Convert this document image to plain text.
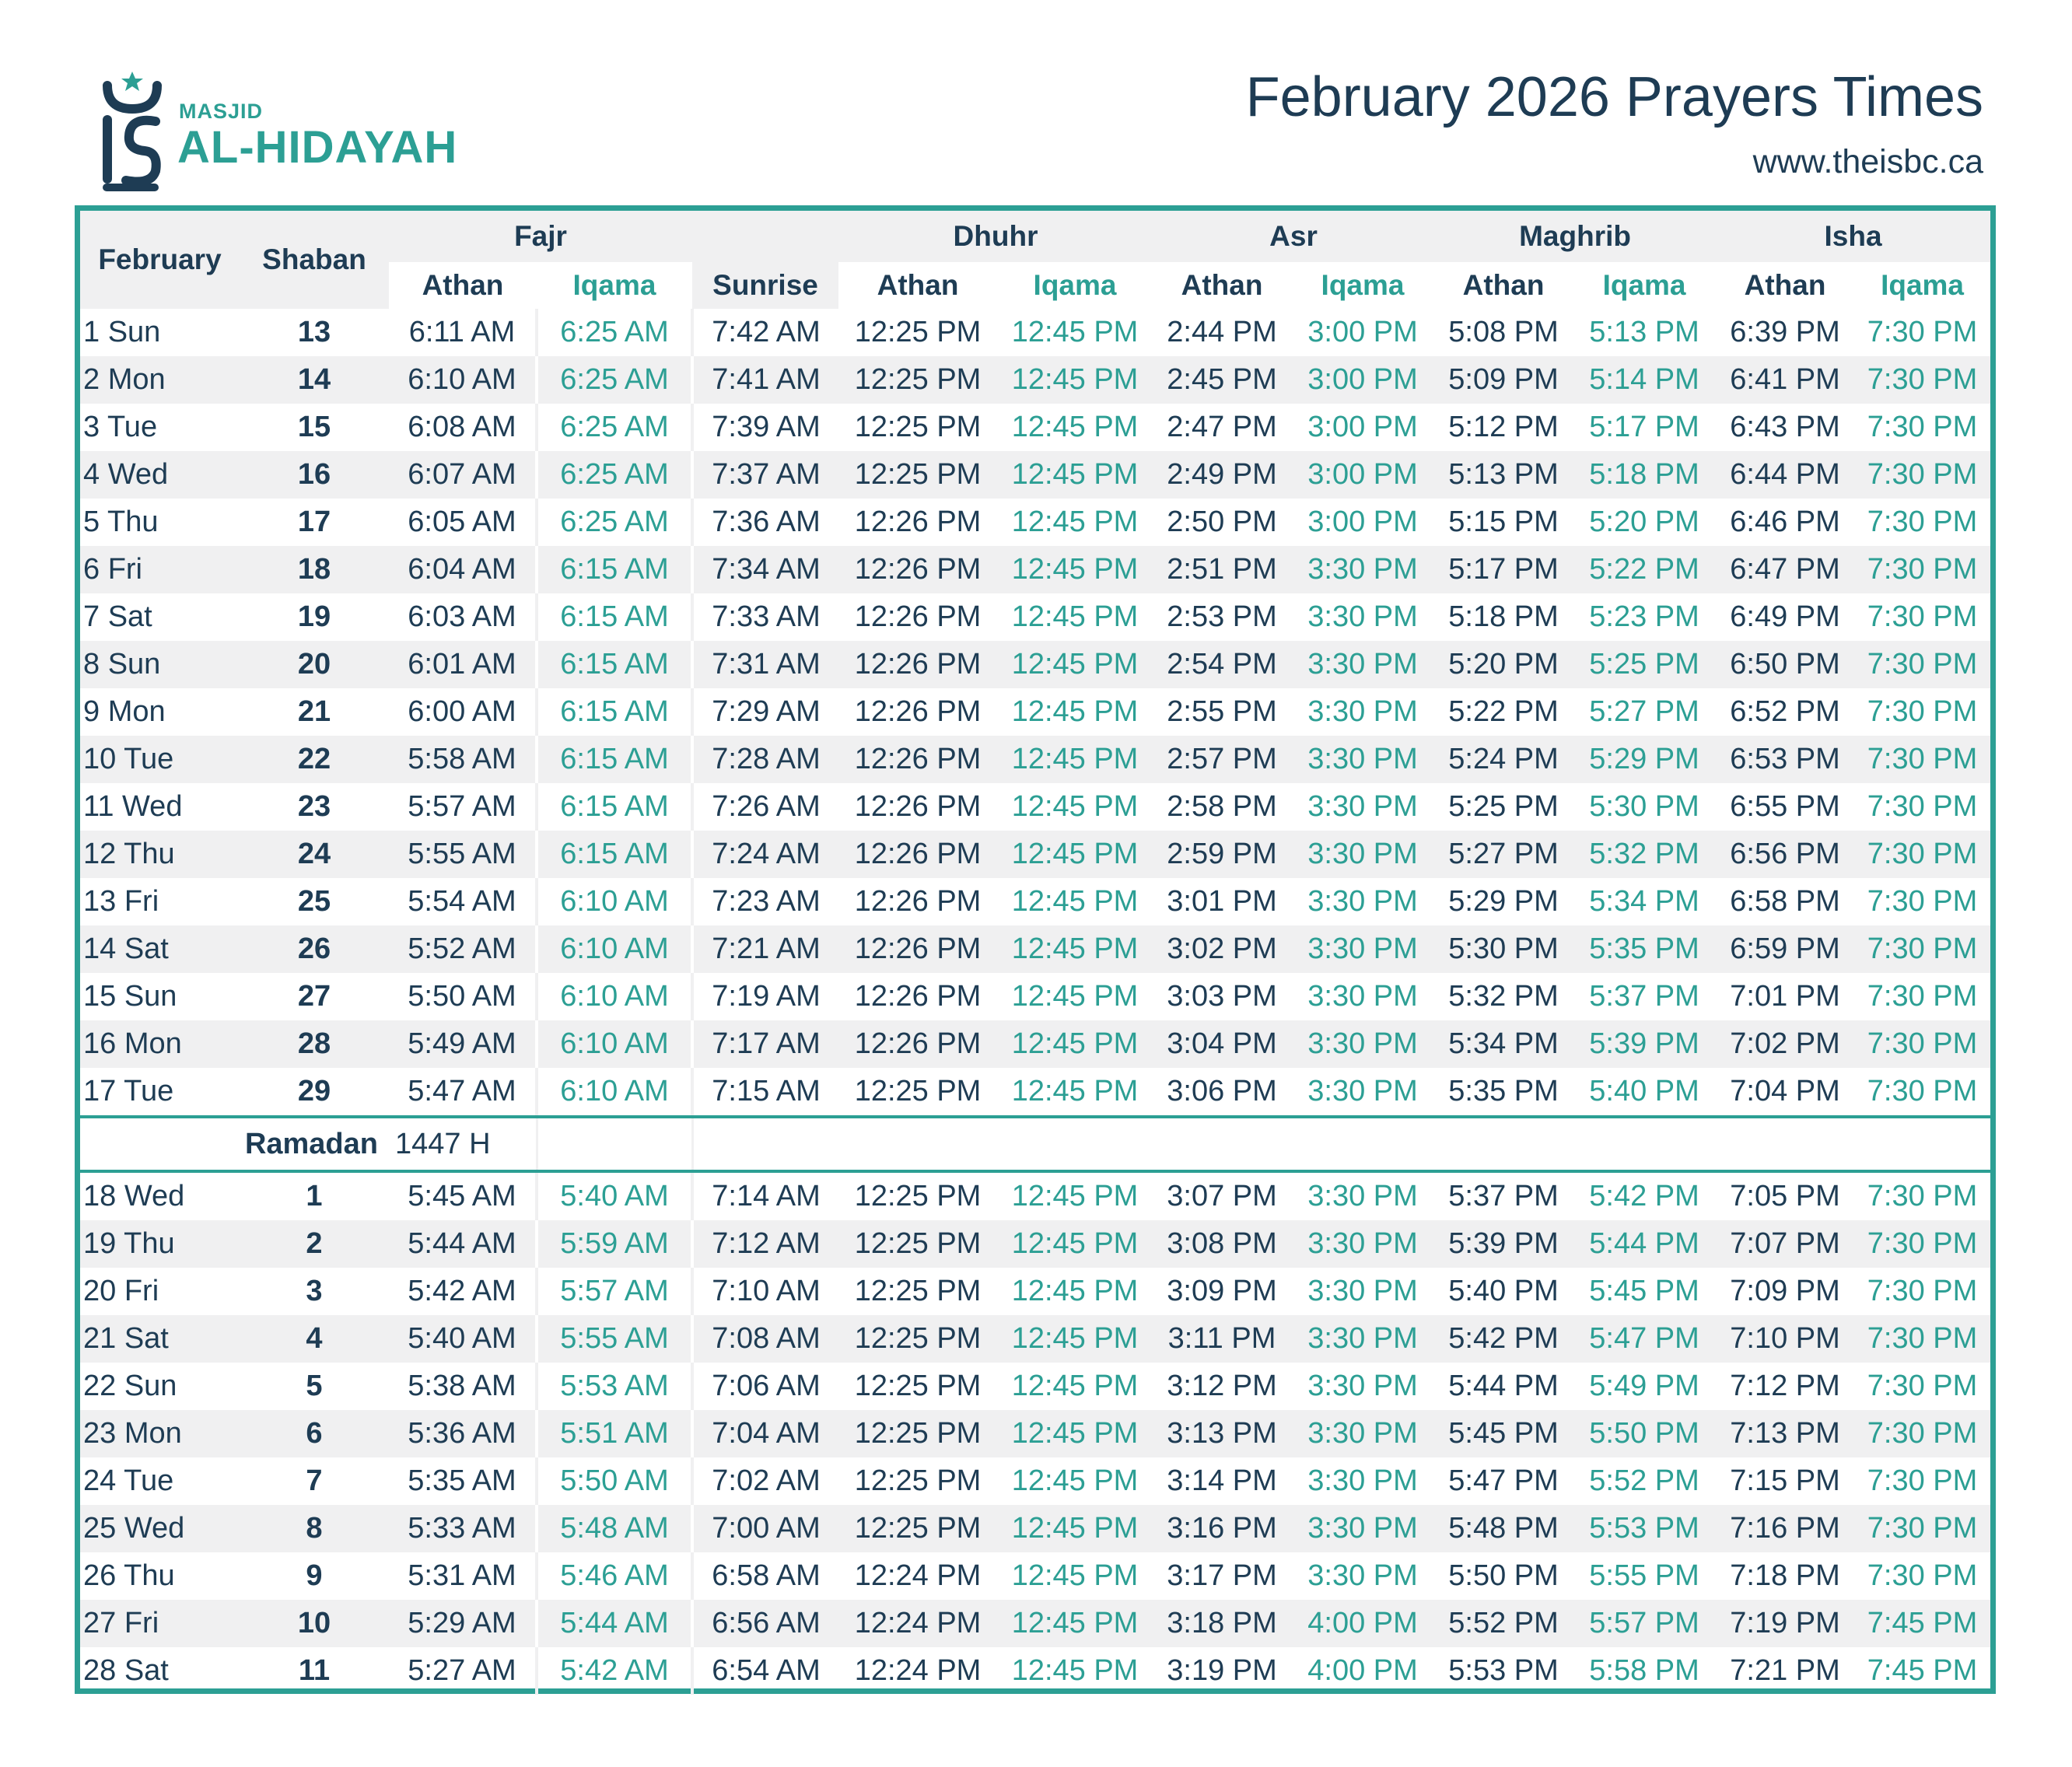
MASJID
AL-HIDAYAH
February 2026 Prayers Times
www.theisbc.ca
February	Shaban	Fajr			Dhuhr		Asr		Maghrib		Isha	
		Athan	Iqama	Sunrise	Athan	Iqama	Athan	Iqama	Athan	Iqama	Athan	Iqama
1 Sun	13	6:11 AM	6:25 AM	7:42 AM	12:25 PM	12:45 PM	2:44 PM	3:00 PM	5:08 PM	5:13 PM	6:39 PM	7:30 PM
2 Mon	14	6:10 AM	6:25 AM	7:41 AM	12:25 PM	12:45 PM	2:45 PM	3:00 PM	5:09 PM	5:14 PM	6:41 PM	7:30 PM
3 Tue	15	6:08 AM	6:25 AM	7:39 AM	12:25 PM	12:45 PM	2:47 PM	3:00 PM	5:12 PM	5:17 PM	6:43 PM	7:30 PM
4 Wed	16	6:07 AM	6:25 AM	7:37 AM	12:25 PM	12:45 PM	2:49 PM	3:00 PM	5:13 PM	5:18 PM	6:44 PM	7:30 PM
5 Thu	17	6:05 AM	6:25 AM	7:36 AM	12:26 PM	12:45 PM	2:50 PM	3:00 PM	5:15 PM	5:20 PM	6:46 PM	7:30 PM
6 Fri	18	6:04 AM	6:15 AM	7:34 AM	12:26 PM	12:45 PM	2:51 PM	3:30 PM	5:17 PM	5:22 PM	6:47 PM	7:30 PM
7 Sat	19	6:03 AM	6:15 AM	7:33 AM	12:26 PM	12:45 PM	2:53 PM	3:30 PM	5:18 PM	5:23 PM	6:49 PM	7:30 PM
8 Sun	20	6:01 AM	6:15 AM	7:31 AM	12:26 PM	12:45 PM	2:54 PM	3:30 PM	5:20 PM	5:25 PM	6:50 PM	7:30 PM
9 Mon	21	6:00 AM	6:15 AM	7:29 AM	12:26 PM	12:45 PM	2:55 PM	3:30 PM	5:22 PM	5:27 PM	6:52 PM	7:30 PM
10 Tue	22	5:58 AM	6:15 AM	7:28 AM	12:26 PM	12:45 PM	2:57 PM	3:30 PM	5:24 PM	5:29 PM	6:53 PM	7:30 PM
11 Wed	23	5:57 AM	6:15 AM	7:26 AM	12:26 PM	12:45 PM	2:58 PM	3:30 PM	5:25 PM	5:30 PM	6:55 PM	7:30 PM
12 Thu	24	5:55 AM	6:15 AM	7:24 AM	12:26 PM	12:45 PM	2:59 PM	3:30 PM	5:27 PM	5:32 PM	6:56 PM	7:30 PM
13 Fri	25	5:54 AM	6:10 AM	7:23 AM	12:26 PM	12:45 PM	3:01 PM	3:30 PM	5:29 PM	5:34 PM	6:58 PM	7:30 PM
14 Sat	26	5:52 AM	6:10 AM	7:21 AM	12:26 PM	12:45 PM	3:02 PM	3:30 PM	5:30 PM	5:35 PM	6:59 PM	7:30 PM
15 Sun	27	5:50 AM	6:10 AM	7:19 AM	12:26 PM	12:45 PM	3:03 PM	3:30 PM	5:32 PM	5:37 PM	7:01 PM	7:30 PM
16 Mon	28	5:49 AM	6:10 AM	7:17 AM	12:26 PM	12:45 PM	3:04 PM	3:30 PM	5:34 PM	5:39 PM	7:02 PM	7:30 PM
17 Tue	29	5:47 AM	6:10 AM	7:15 AM	12:25 PM	12:45 PM	3:06 PM	3:30 PM	5:35 PM	5:40 PM	7:04 PM	7:30 PM

Ramadan		1447 H										

18 Wed	1	5:45 AM	5:40 AM	7:14 AM	12:25 PM	12:45 PM	3:07 PM	3:30 PM	5:37 PM	5:42 PM	7:05 PM	7:30 PM
19 Thu	2	5:44 AM	5:59 AM	7:12 AM	12:25 PM	12:45 PM	3:08 PM	3:30 PM	5:39 PM	5:44 PM	7:07 PM	7:30 PM
20 Fri	3	5:42 AM	5:57 AM	7:10 AM	12:25 PM	12:45 PM	3:09 PM	3:30 PM	5:40 PM	5:45 PM	7:09 PM	7:30 PM
21 Sat	4	5:40 AM	5:55 AM	7:08 AM	12:25 PM	12:45 PM	3:11 PM	3:30 PM	5:42 PM	5:47 PM	7:10 PM	7:30 PM
22 Sun	5	5:38 AM	5:53 AM	7:06 AM	12:25 PM	12:45 PM	3:12 PM	3:30 PM	5:44 PM	5:49 PM	7:12 PM	7:30 PM
23 Mon	6	5:36 AM	5:51 AM	7:04 AM	12:25 PM	12:45 PM	3:13 PM	3:30 PM	5:45 PM	5:50 PM	7:13 PM	7:30 PM
24 Tue	7	5:35 AM	5:50 AM	7:02 AM	12:25 PM	12:45 PM	3:14 PM	3:30 PM	5:47 PM	5:52 PM	7:15 PM	7:30 PM
25 Wed	8	5:33 AM	5:48 AM	7:00 AM	12:25 PM	12:45 PM	3:16 PM	3:30 PM	5:48 PM	5:53 PM	7:16 PM	7:30 PM
26 Thu	9	5:31 AM	5:46 AM	6:58 AM	12:24 PM	12:45 PM	3:17 PM	3:30 PM	5:50 PM	5:55 PM	7:18 PM	7:30 PM
27 Fri	10	5:29 AM	5:44 AM	6:56 AM	12:24 PM	12:45 PM	3:18 PM	4:00 PM	5:52 PM	5:57 PM	7:19 PM	7:45 PM
28 Sat	11	5:27 AM	5:42 AM	6:54 AM	12:24 PM	12:45 PM	3:19 PM	4:00 PM	5:53 PM	5:58 PM	7:21 PM	7:45 PM
